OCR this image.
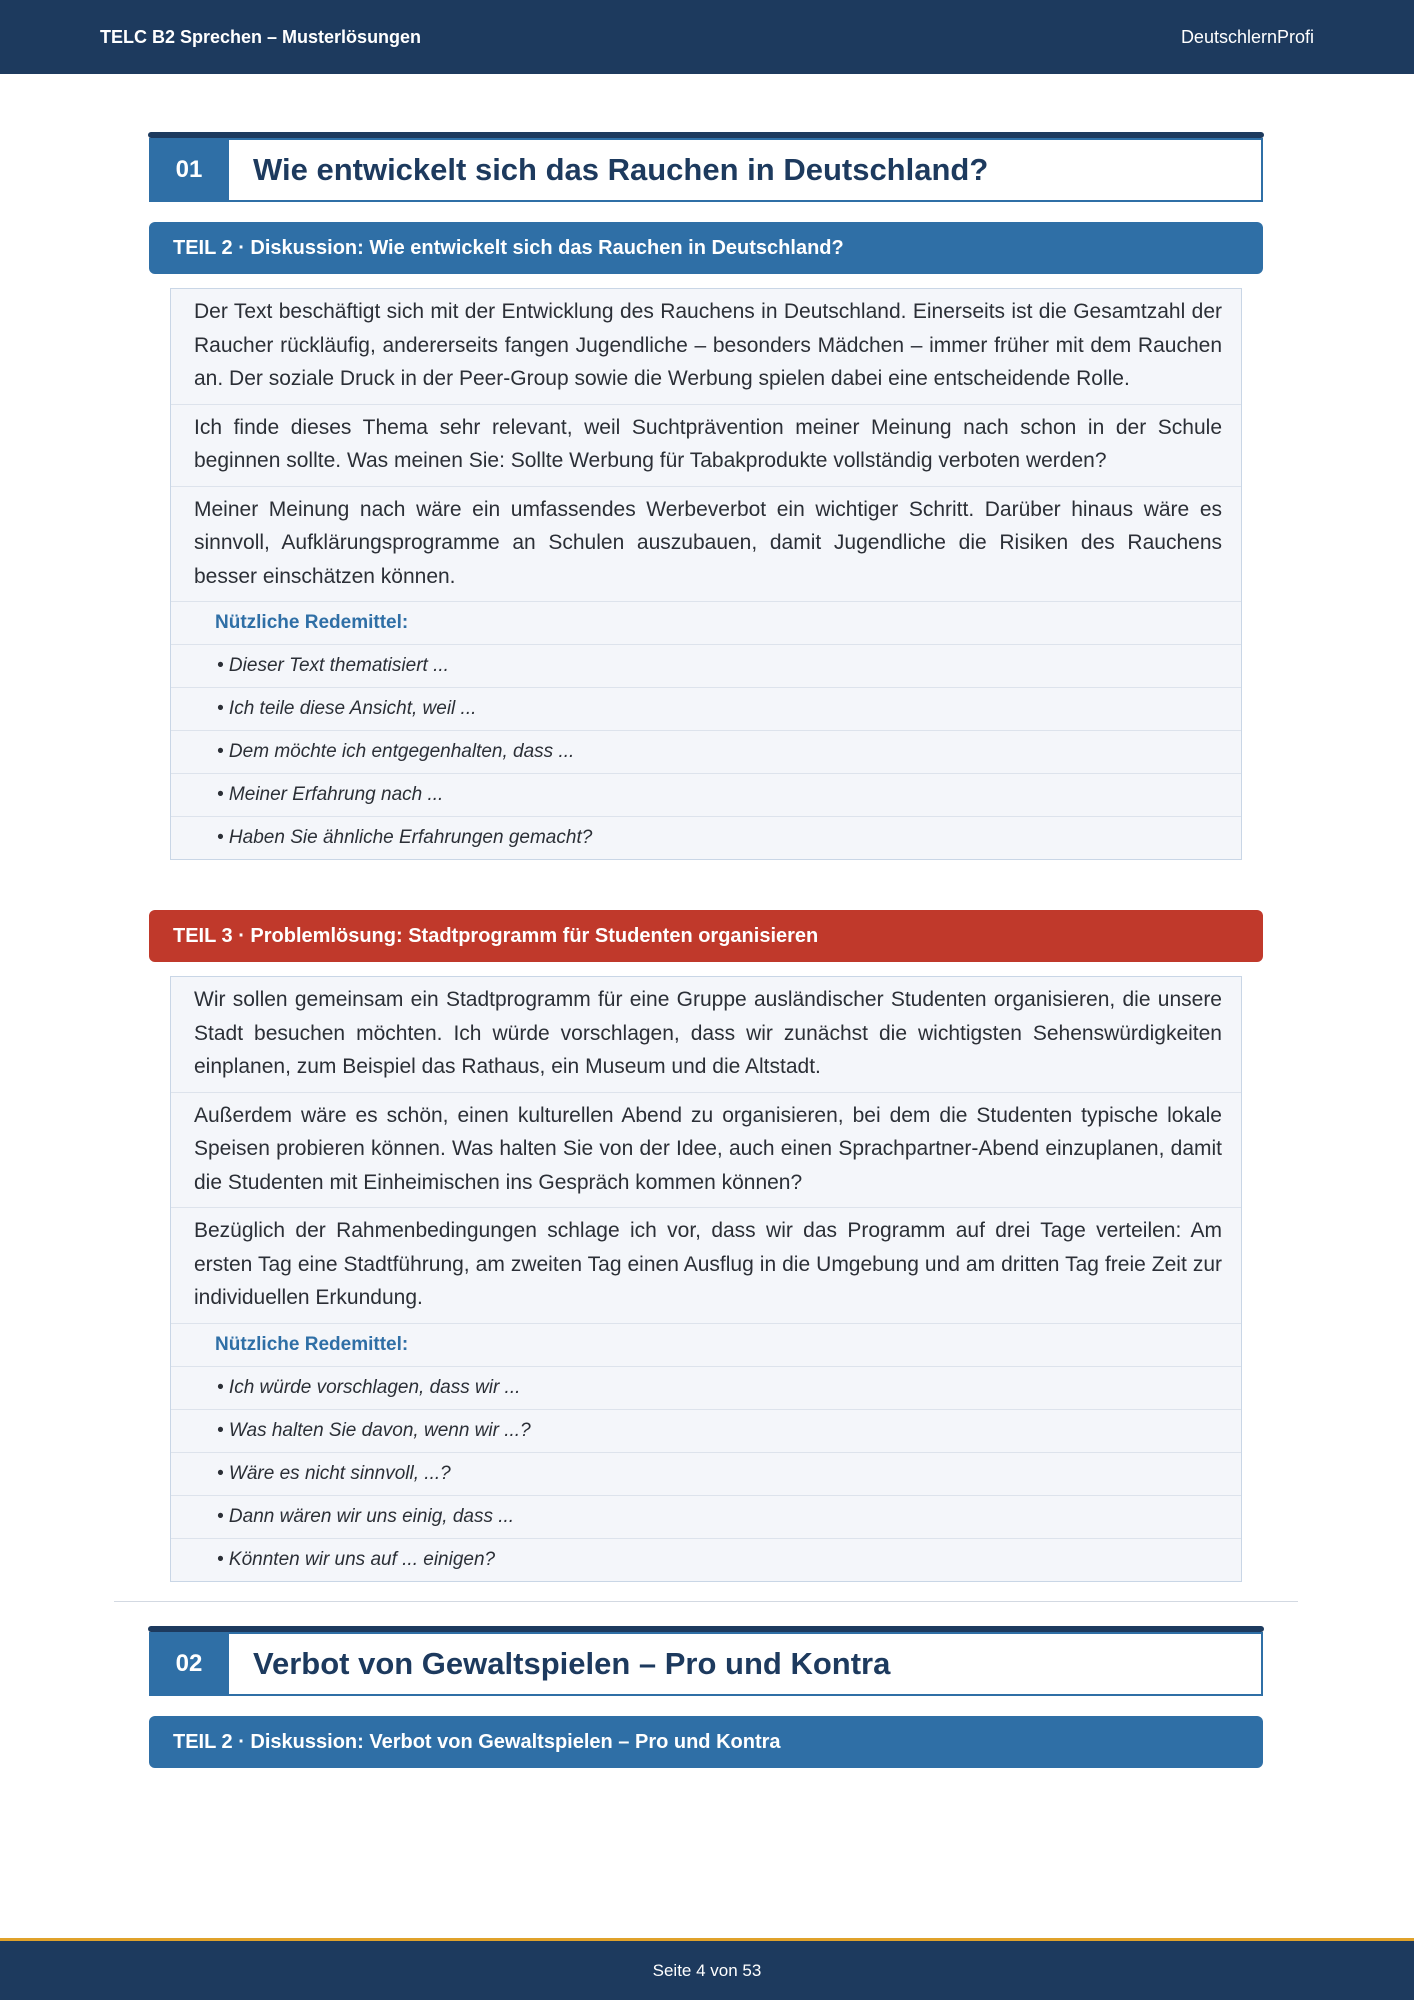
TELC B2 Sprechen – Musterlösungen	DeutschlernProfi
01	Wie entwickelt sich das Rauchen in Deutschland?
TEIL 2 · Diskussion: Wie entwickelt sich das Rauchen in Deutschland?
Der Text beschäftigt sich mit der Entwicklung des Rauchens in Deutschland. Einerseits ist die Gesamtzahl der Raucher rückläufig, andererseits fangen Jugendliche – besonders Mädchen – immer früher mit dem Rauchen an. Der soziale Druck in der Peer-Group sowie die Werbung spielen dabei eine entscheidende Rolle.
Ich finde dieses Thema sehr relevant, weil Suchtprävention meiner Meinung nach schon in der Schule beginnen sollte. Was meinen Sie: Sollte Werbung für Tabakprodukte vollständig verboten werden?
Meiner Meinung nach wäre ein umfassendes Werbeverbot ein wichtiger Schritt. Darüber hinaus wäre es sinnvoll, Aufklärungsprogramme an Schulen auszubauen, damit Jugendliche die Risiken des Rauchens besser einschätzen können.
Nützliche Redemittel:
• Dieser Text thematisiert ...
• Ich teile diese Ansicht, weil ...
• Dem möchte ich entgegenhalten, dass ...
• Meiner Erfahrung nach ...
• Haben Sie ähnliche Erfahrungen gemacht?
TEIL 3 · Problemlösung: Stadtprogramm für Studenten organisieren
Wir sollen gemeinsam ein Stadtprogramm für eine Gruppe ausländischer Studenten organisieren, die unsere Stadt besuchen möchten. Ich würde vorschlagen, dass wir zunächst die wichtigsten Sehenswürdigkeiten einplanen, zum Beispiel das Rathaus, ein Museum und die Altstadt.
Außerdem wäre es schön, einen kulturellen Abend zu organisieren, bei dem die Studenten typische lokale Speisen probieren können. Was halten Sie von der Idee, auch einen Sprachpartner-Abend einzuplanen, damit die Studenten mit Einheimischen ins Gespräch kommen können?
Bezüglich der Rahmenbedingungen schlage ich vor, dass wir das Programm auf drei Tage verteilen: Am ersten Tag eine Stadtführung, am zweiten Tag einen Ausflug in die Umgebung und am dritten Tag freie Zeit zur individuellen Erkundung.
Nützliche Redemittel:
• Ich würde vorschlagen, dass wir ...
• Was halten Sie davon, wenn wir ...?
• Wäre es nicht sinnvoll, ...?
• Dann wären wir uns einig, dass ...
• Könnten wir uns auf ... einigen?
02	Verbot von Gewaltspielen – Pro und Kontra
TEIL 2 · Diskussion: Verbot von Gewaltspielen – Pro und Kontra
Seite 4 von 53
